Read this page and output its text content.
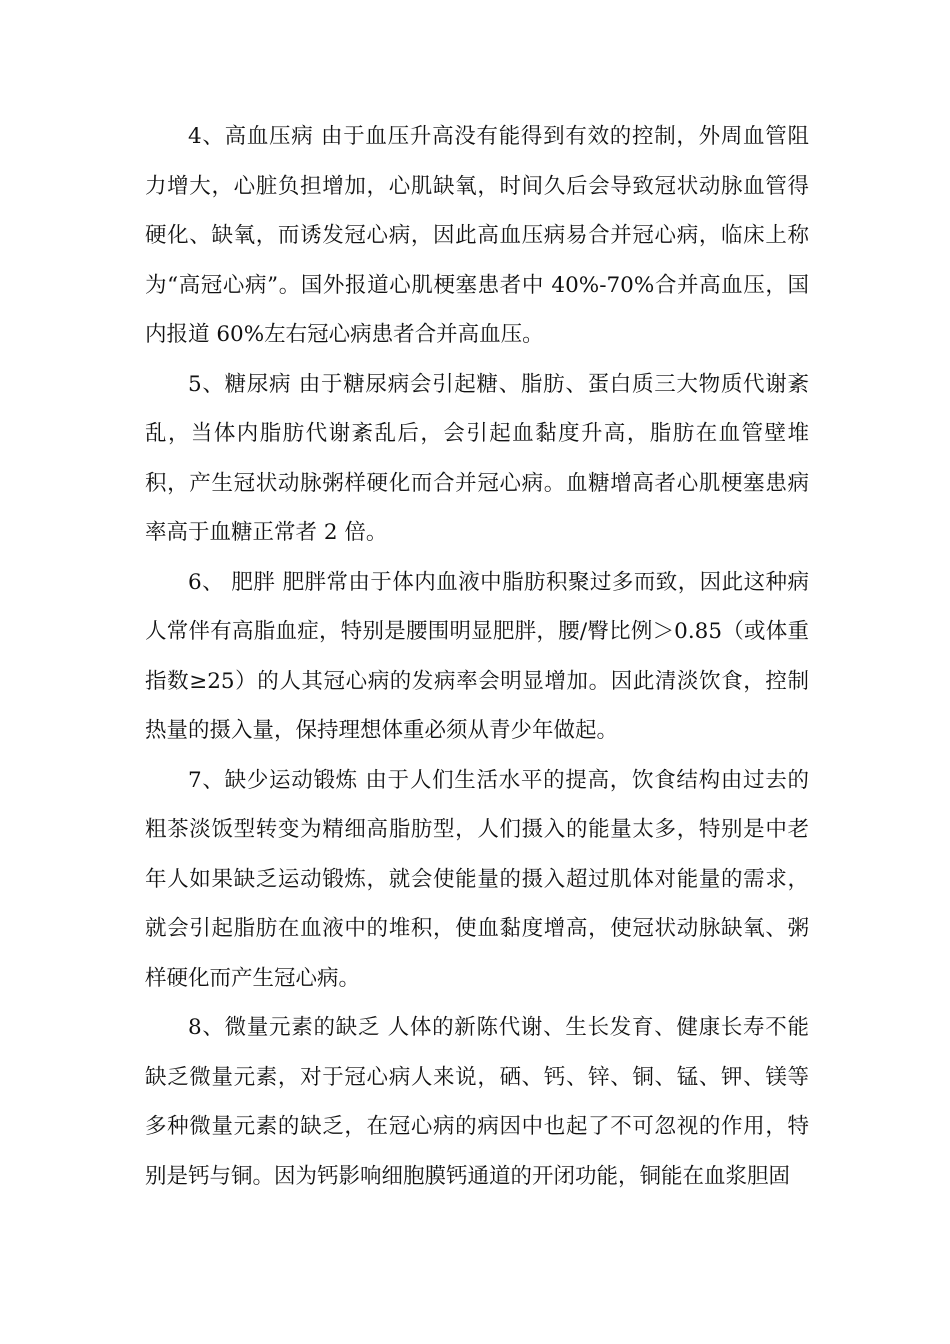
4、高血压病 由于血压升高没有能得到有效的控制，外周血管阻力增大，心脏负担增加，心肌缺氧，时间久后会导致冠状动脉血管得硬化、缺氧，而诱发冠心病，因此高血压病易合并冠心病，临床上称为“高冠心病”。国外报道心肌梗塞患者中 40%-70%合并高血压，国内报道 60%左右冠心病患者合并高血压。

5、糖尿病 由于糖尿病会引起糖、脂肪、蛋白质三大物质代谢紊乱，当体内脂肪代谢紊乱后，会引起血黏度升高，脂肪在血管壁堆积，产生冠状动脉粥样硬化而合并冠心病。血糖增高者心肌梗塞患病率高于血糖正常者 2 倍。

6、 肥胖 肥胖常由于体内血液中脂肪积聚过多而致，因此这种病人常伴有高脂血症，特别是腰围明显肥胖，腰/臀比例＞0.85（或体重指数≥25）的人其冠心病的发病率会明显增加。因此清淡饮食，控制热量的摄入量，保持理想体重必须从青少年做起。

7、缺少运动锻炼 由于人们生活水平的提高，饮食结构由过去的粗茶淡饭型转变为精细高脂肪型，人们摄入的能量太多，特别是中老年人如果缺乏运动锻炼，就会使能量的摄入超过肌体对能量的需求，就会引起脂肪在血液中的堆积，使血黏度增高，使冠状动脉缺氧、粥样硬化而产生冠心病。

8、微量元素的缺乏 人体的新陈代谢、生长发育、健康长寿不能缺乏微量元素，对于冠心病人来说，硒、钙、锌、铜、锰、钾、镁等多种微量元素的缺乏，在冠心病的病因中也起了不可忽视的作用，特别是钙与铜。因为钙影响细胞膜钙通道的开闭功能，铜能在血浆胆固
